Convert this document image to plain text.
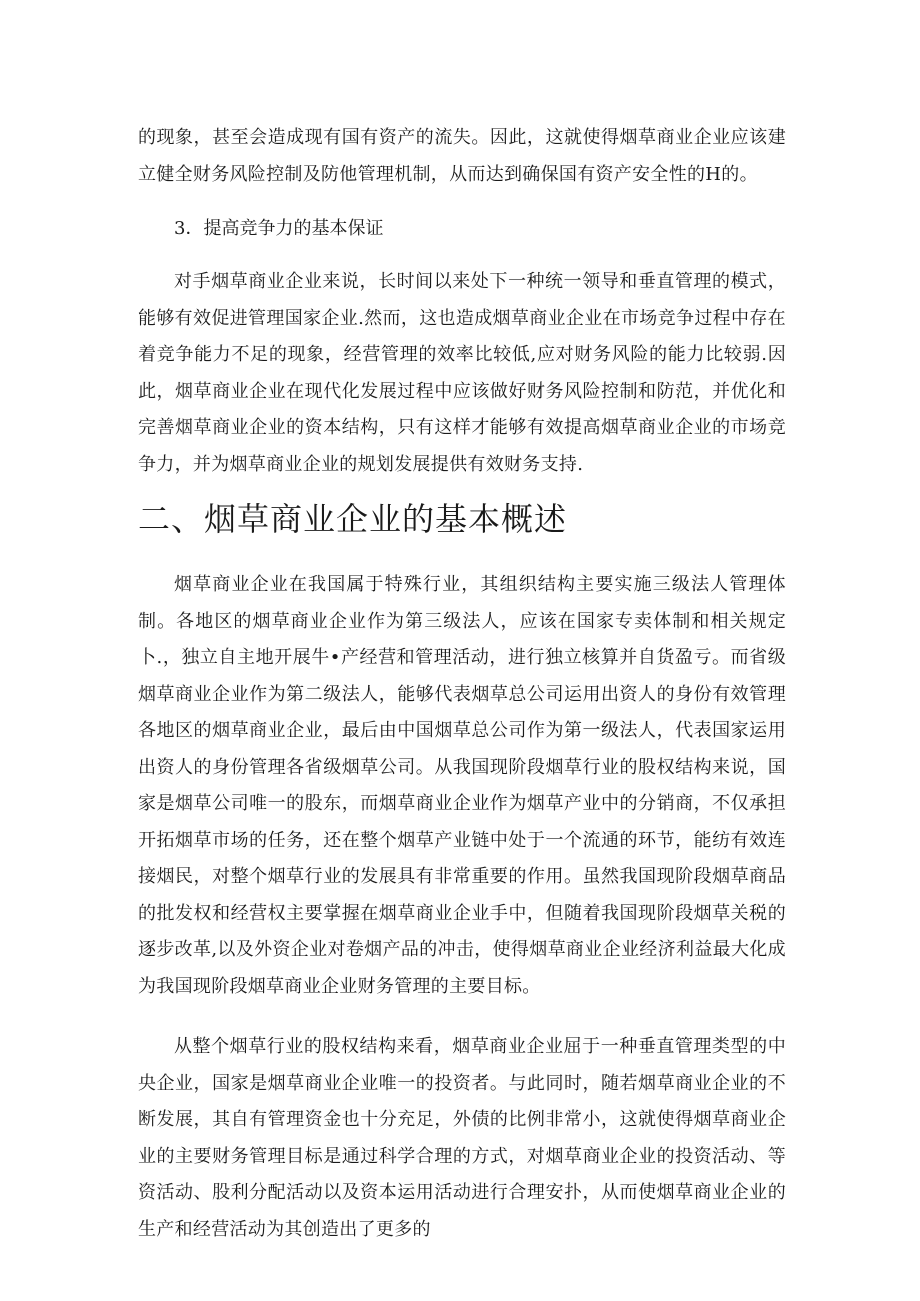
的现象，甚至会造成现有国有资产的流失。因此，这就使得烟草商业企业应该建立健全财务风险控制及防他管理机制，从而达到确保国有资产安全性的H的。

3．提高竞争力的基本保证

对手烟草商业企业来说，长时间以来处下一种统一领导和垂直管理的模式，能够有效促进管理国家企业.然而，这也造成烟草商业企业在市场竞争过程中存在着竞争能力不足的现象，经营管理的效率比较低,应对财务风险的能力比较弱.因此，烟草商业企业在现代化发展过程中应该做好财务风险控制和防范，并优化和完善烟草商业企业的资本结构，只有这样才能够有效提高烟草商业企业的市场竞争力，并为烟草商业企业的规划发展提供有效财务支持.

二、烟草商业企业的基本概述

烟草商业企业在我国属于特殊行业，其组织结构主要实施三级法人管理体制。各地区的烟草商业企业作为第三级法人，应该在国家专卖体制和相关规定卜.，独立自主地开展牛•产经营和管理活动，进行独立核算并自货盈亏。而省级烟草商业企业作为第二级法人，能够代表烟草总公司运用出资人的身份有效管理各地区的烟草商业企业，最后由中国烟草总公司作为第一级法人，代表国家运用出资人的身份管理各省级烟草公司。从我国现阶段烟草行业的股权结构来说，国家是烟草公司唯一的股东，而烟草商业企业作为烟草产业中的分销商，不仅承担开拓烟草市场的任务，还在整个烟草产业链中处于一个流通的环节，能纺有效连接烟民，对整个烟草行业的发展具有非常重要的作用。虽然我国现阶段烟草商品的批发权和经营权主要掌握在烟草商业企业手中，但随着我国现阶段烟草关税的逐步改革,以及外资企业对卷烟产品的冲击，使得烟草商业企业经济利益最大化成为我国现阶段烟草商业企业财务管理的主要目标。

从整个烟草行业的股权结构来看，烟草商业企业屈于一种垂直管理类型的中央企业，国家是烟草商业企业唯一的投资者。与此同时，随若烟草商业企业的不断发展，其自有管理资金也十分充足，外债的比例非常小，这就使得烟草商业企业的主要财务管理目标是通过科学合理的方式，对烟草商业企业的投资活动、等资活动、股利分配活动以及资本运用活动进行合理安扑，从而使烟草商业企业的生产和经营活动为其创造出了更多的
